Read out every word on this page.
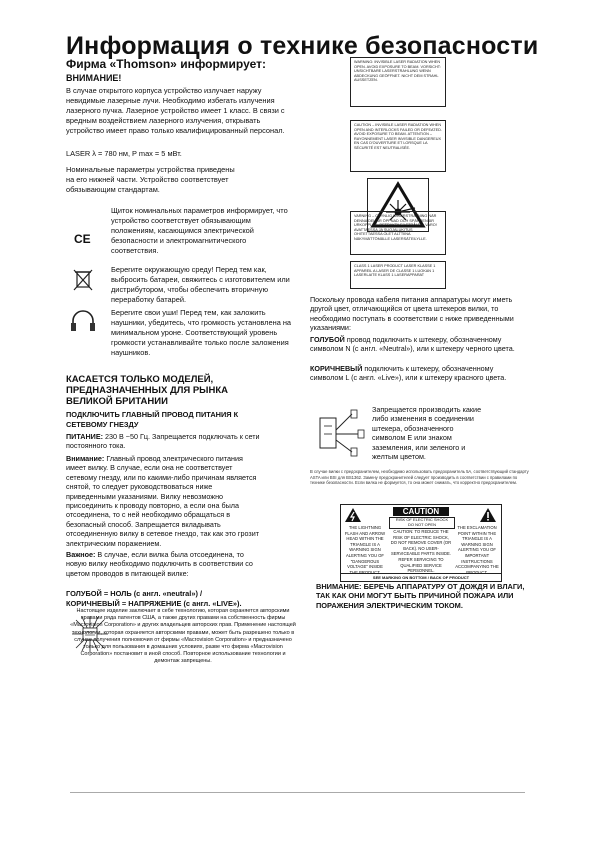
Информация о технике безопасности
Фирма «Thomson» информирует:
ВНИМАНИЕ!
В случае открытого корпуса устройство излучает наружу невидимые лазерные лучи. Необходимо избегать излучения лазерного пучка. Лазерное устройство имеет 1 класс. В связи с вредным воздействием лазерного излучения, открывать устройство имеет право только квалифицированный персонал.
LASER λ = 780 нм, P max = 5 мВт.
Номинальные параметры устройства приведены на его нижней части. Устройство соответствует обязывающим стандартам.
CE
Щиток номинальных параметров информирует, что устройство соответствует обязывающим положениям, касающимся электрической безопасности и электромагнитического соответствия.
Берегите окружающую среду! Перед тем как, выбросить батареи, свяжитесь с изготовителем или дистрибутором, чтобы обеспечить вторичную переработку батарей.
Берегите свои уши! Перед тем, как заложить наушники, убедитесь, что громкость установлена на минимальном уроне. Соответствующий уровень громкости устанавливайте только после заложения наушников.
КАСАЕТСЯ ТОЛЬКО МОДЕЛЕЙ, ПРЕДНАЗНАЧЕННЫХ ДЛЯ РЫНКА ВЕЛИКОЙ БРИТАНИИ
ПОДКЛЮЧИТЬ ГЛАВНЫЙ ПРОВОД ПИТАНИЯ К СЕТЕВОМУ ГНЕЗДУ
ПИТАНИЕ: 230 В ~50 Гц. Запрещается подключать к сети постоянного тока.
Внимание: Главный провод электрического питания имеет вилку. В случае, если она не соответствует сетевому гнезду, или по какими-либо причинам является снятой, то следует руководствоваться ниже приведенными указаниями. Вилку невозможно присоединить к проводу повторно, а если она была отсоединена, то с ней необходимо обращаться в безопасный способ. Запрещается вкладывать отсоединенную вилку в сетевое гнездо, так как это грозит электрическим поражением.
Важное: В случае, если вилка была отсоединена, то новую вилку необходимо подключить в соответствии со цветом проводов в питающей вилке:
ГОЛУБОЙ = НОЛЬ (с англ. «neutral») /
КОРИЧНЕВЫЙ = НАПРЯЖЕНИЕ (с англ. «LIVE»).
Настоящее изделие заключает в себе технологию, которая охраняется авторскими правами ряда патентов США, а также других правами на собственность фирмы «Macrovision Corporation» и других владельцев авторских прав. Применение настоящей технологии, которая охраняется авторскими правами, может быть разрешено только в случае получения полномочия от фирмы «Macrovision Corporation» и предназначено только для пользования в домашних условиях, разве что фирма «Macrovision Corporation» постановит в иной способ. Повторное использование технологии и демонтаж запрещены.
WARNING: INVISIBLE LASER RADIATION WHEN OPEN. AVOID EXPOSURE TO BEAM. VORSICHT: UNSICHTBARE LASERSTRAHLUNG WENN ABDECKUNG GEÖFFNET. NICHT DEM STRAHL AUSSETZEN.
CAUTION – INVISIBLE LASER RADIATION WHEN OPEN AND INTERLOCKS FAILED OR DEFEATED. AVOID EXPOSURE TO BEAM. ATTENTION – RAYONNEMENT LASER INVISIBLE DANGEREUX EN CAS D'OUVERTURE ET LORSQUE LA SÉCURITÉ EST NEUTRALISÉE.
VARNING – OSYNLIG LASERSTRÅLNING NÄR DENNA DEL ÄR ÖPPNAD OCH SPÄRREN ÄR URKOPPLAD. BETRAKTA EJ STRÅLEN. VARO! AVATTAESSA JA SUOJALUKITUS OHITETTAESSA OLET ALTTIINA NÄKYMÄTTÖMÄLLE LASERSÄTEILYLLE.
CLASS 1 LASER PRODUCT LASER KLASSE 1 APPAREIL A LASER DE CLASSE 1 LUOKAN 1 LASERLAITE KLASS 1 LASERAPPARAT
Поскольку провода кабеля питания аппаратуры могут иметь другой цвет, отличающийся от цвета штекеров вилки, то необходимо поступать в соответствии с ниже приведенными указаниями:
ГОЛУБОЙ провод подключить к штекеру, обозначенному символом N (с англ. «Neutral»), или к штекеру черного цвета.
КОРИЧНЕВЫЙ подключить к штекеру, обозначенному символом L (с англ. «Live»), или к штекеру красного цвета.
Запрещается производить какие либо изменения в соединении штекера, обозначенного символом E или знаком заземления, или зеленого и желтым цветом.
В случае вилки с предохранителем, необходимо использовать предохранитель 5А, соответствующий стандарту ASTA или BSI для BS1362. Замену предохранителей следует производить в соответствии с правилами по технике безопасности. Если вилка не формуется, то она может снимать, что корректно предохранителем.
CAUTION
RISK OF ELECTRIC SHOCK
DO NOT OPEN
THE LIGHTNING FLASH AND ARROW HEAD WITHIN THE TRIANGLE IS A WARNING SIGN ALERTING YOU OF "DANGEROUS VOLTAGE" INSIDE THE PRODUCT.
CAUTION: TO REDUCE THE RISK OF ELECTRIC SHOCK, DO NOT REMOVE COVER (OR BACK). NO USER-SERVICEABLE PARTS INSIDE. REFER SERVICING TO QUALIFIED SERVICE PERSONNEL.
THE EXCLAMATION POINT WITHIN THE TRIANGLE IS A WARNING SIGN ALERTING YOU OF IMPORTANT INSTRUCTIONS ACCOMPANYING THE PRODUCT.
SEE MARKING ON BOTTOM / BACK OF PRODUCT
ВНИМАНИЕ: БЕРЕЧЬ АППАРАТУРУ ОТ ДОЖДЯ И ВЛАГИ, ТАК КАК ОНИ МОГУТ БЫТЬ ПРИЧИНОЙ ПОЖАРА ИЛИ ПОРАЖЕНИЯ ЭЛЕКТРИЧЕСКИМ ТОКОМ.
